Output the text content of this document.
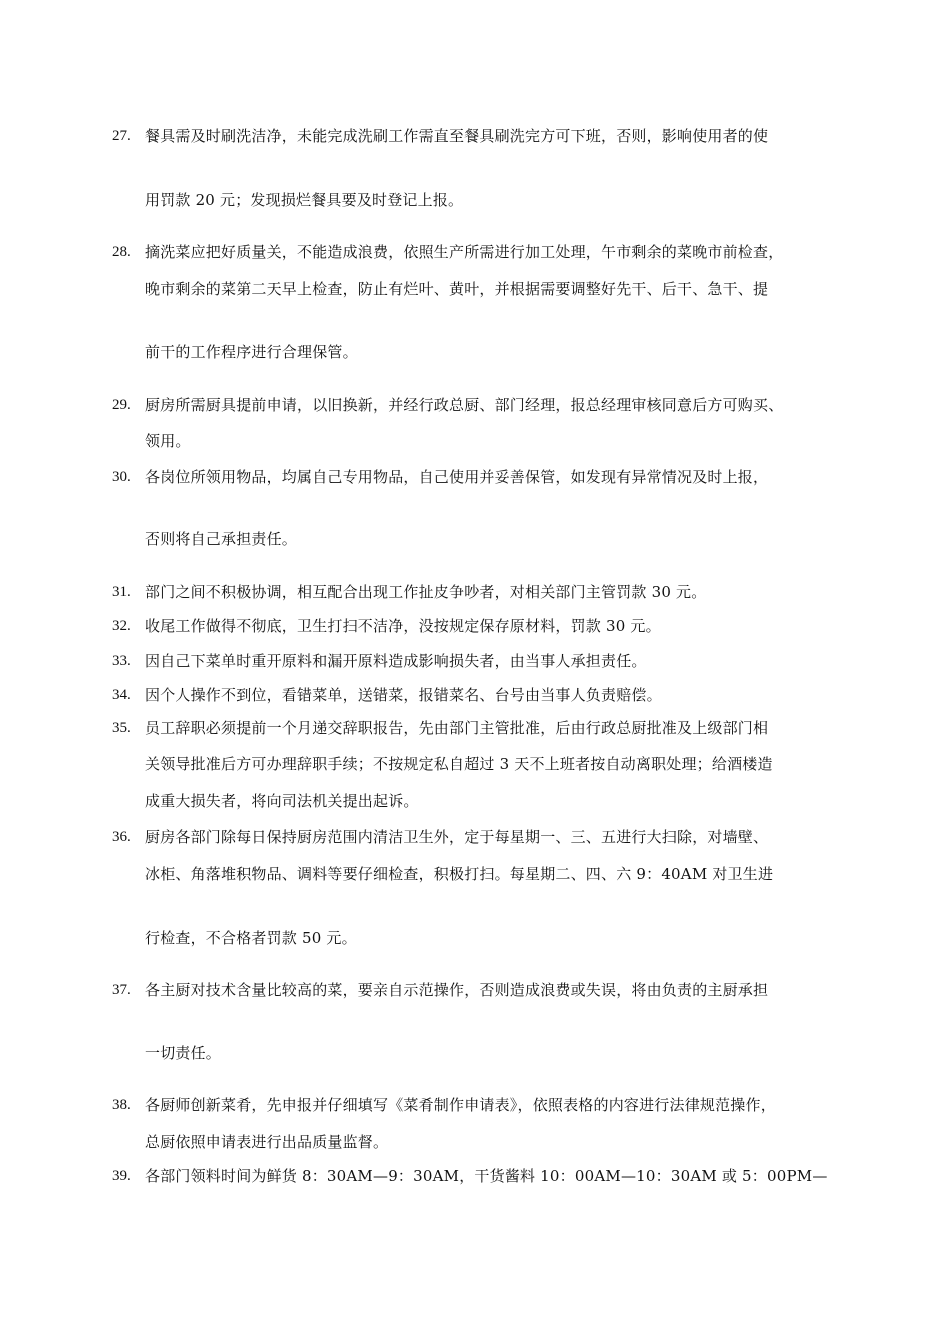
27. 餐具需及时刷洗洁净，未能完成洗刷工作需直至餐具刷洗完方可下班，否则，影响使用者的使
用罚款 20 元；发现损烂餐具要及时登记上报。
28. 摘洗菜应把好质量关，不能造成浪费，依照生产所需进行加工处理，午市剩余的菜晚市前检查，
晚市剩余的菜第二天早上检查，防止有烂叶、黄叶，并根据需要调整好先干、后干、急干、提
前干的工作程序进行合理保管。
29. 厨房所需厨具提前申请，以旧换新，并经行政总厨、部门经理，报总经理审核同意后方可购买、
领用。
30. 各岗位所领用物品，均属自己专用物品，自己使用并妥善保管，如发现有异常情况及时上报，
否则将自己承担责任。
31. 部门之间不积极协调，相互配合出现工作扯皮争吵者，对相关部门主管罚款 30 元。
32. 收尾工作做得不彻底，卫生打扫不洁净，没按规定保存原材料，罚款 30 元。
33. 因自己下菜单时重开原料和漏开原料造成影响损失者，由当事人承担责任。
34. 因个人操作不到位，看错菜单，送错菜，报错菜名、台号由当事人负责赔偿。
35. 员工辞职必须提前一个月递交辞职报告，先由部门主管批准，后由行政总厨批准及上级部门相
关领导批准后方可办理辞职手续；不按规定私自超过 3 天不上班者按自动离职处理；给酒楼造
成重大损失者，将向司法机关提出起诉。
36. 厨房各部门除每日保持厨房范围内清洁卫生外，定于每星期一、三、五进行大扫除，对墙壁、
冰柜、角落堆积物品、调料等要仔细检查，积极打扫。每星期二、四、六 9：40AM 对卫生进
行检查，不合格者罚款 50 元。
37. 各主厨对技术含量比较高的菜，要亲自示范操作，否则造成浪费或失误，将由负责的主厨承担
一切责任。
38. 各厨师创新菜肴，先申报并仔细填写《菜肴制作申请表》，依照表格的内容进行法律规范操作，
总厨依照申请表进行出品质量监督。
39. 各部门领料时间为鲜货 8：30AM—9：30AM，干货酱料 10：00AM—10：30AM 或 5：00PM—
